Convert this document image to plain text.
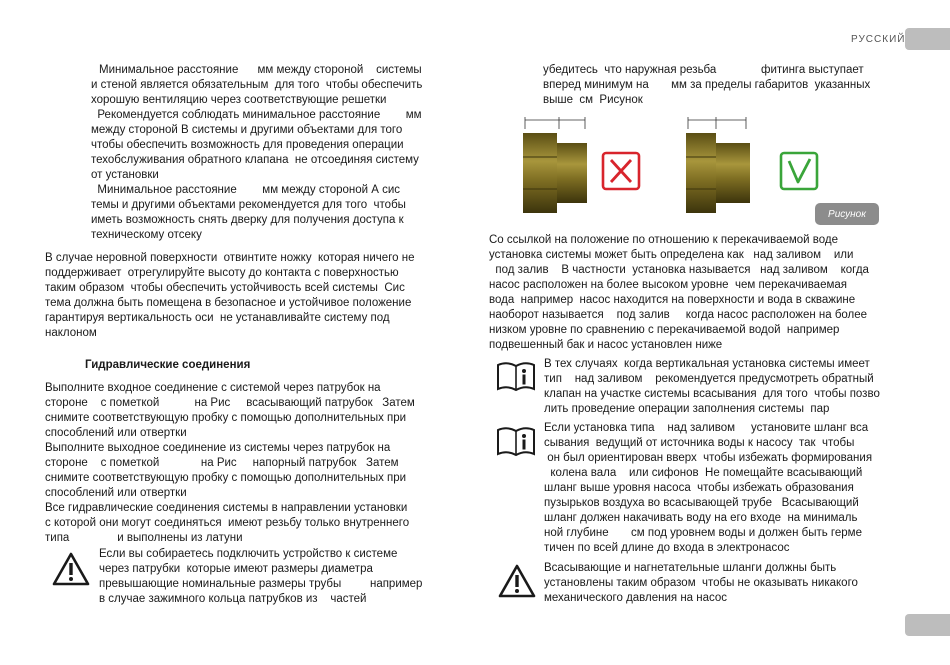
РУССКИЙ
Минимальное расстояние      мм между стороной    системы
и стеной является обязательным  для того  чтобы обеспечить
хорошую вентиляцию через соответствующие решетки
Рекомендуется соблюдать минимальное расстояние        мм
между стороной В системы и другими объектами для того
чтобы обеспечить возможность для проведения операции
техобслуживания обратного клапана  не отсоединяя систему
от установки
Минимальное расстояние        мм между стороной А сис
темы и другими объектами рекомендуется для того  чтобы
иметь возможность снять дверку для получения доступа к
техническому отсеку
В случае неровной поверхности  отвинтите ножку  которая ничего не
поддерживает  отрегулируйте высоту до контакта с поверхностью
таким образом  чтобы обеспечить устойчивость всей системы  Сис
тема должна быть помещена в безопасное и устойчивое положение
гарантируя вертикальность оси  не устанавливайте систему под
наклоном
Гидравлические соединения
Выполните входное соединение с системой через патрубок на
стороне    с пометкой           на Рис     всасывающий патрубок   Затем
снимите соответствующую пробку с помощью дополнительных при
способлений или отвертки
Выполните выходное соединение из системы через патрубок на
стороне    с пометкой             на Рис     напорный патрубок   Затем
снимите соответствующую пробку с помощью дополнительных при
способлений или отвертки
Все гидравлические соединения системы в направлении установки
с которой они могут соединяться  имеют резьбу только внутреннего
типа               и выполнены из латуни
Если вы собираетесь подключить устройство к системе
через патрубки  которые имеют размеры диаметра
превышающие номинальные размеры трубы         например
в случае зажимного кольца патрубков из    частей
убедитесь  что наружная резьба              фитинга выступает
вперед минимум на       мм за пределы габаритов  указанных
выше  см  Рисунок
Рисунок
Со ссылкой на положение по отношению к перекачиваемой воде
установка системы может быть определена как   над заливом    или
под залив    В частности  установка называется   над заливом    когда
насос расположен на более высоком уровне  чем перекачиваемая
вода  например  насос находится на поверхности и вода в скважине
наоборот называется    под залив     когда насос расположен на более
низком уровне по сравнению с перекачиваемой водой  например
подвешенный бак и насос установлен ниже
В тех случаях  когда вертикальная установка системы имеет
тип    над заливом    рекомендуется предусмотреть обратный
клапан на участке системы всасывания  для того  чтобы позво
лить проведение операции заполнения системы  пар
Если установка типа    над заливом     установите шланг вса
сывания  ведущий от источника воды к насосу  так  чтобы
он был ориентирован вверх  чтобы избежать формирования
колена вала    или сифонов  Не помещайте всасывающий
шланг выше уровня насоса  чтобы избежать образования
пузырьков воздуха во всасывающей трубе   Всасывающий
шланг должен накачивать воду на его входе  на минималь
ной глубине       см под уровнем воды и должен быть герме
тичен по всей длине до входа в электронасос
Всасывающие и нагнетательные шланги должны быть
установлены таким образом  чтобы не оказывать никакого
механического давления на насос
